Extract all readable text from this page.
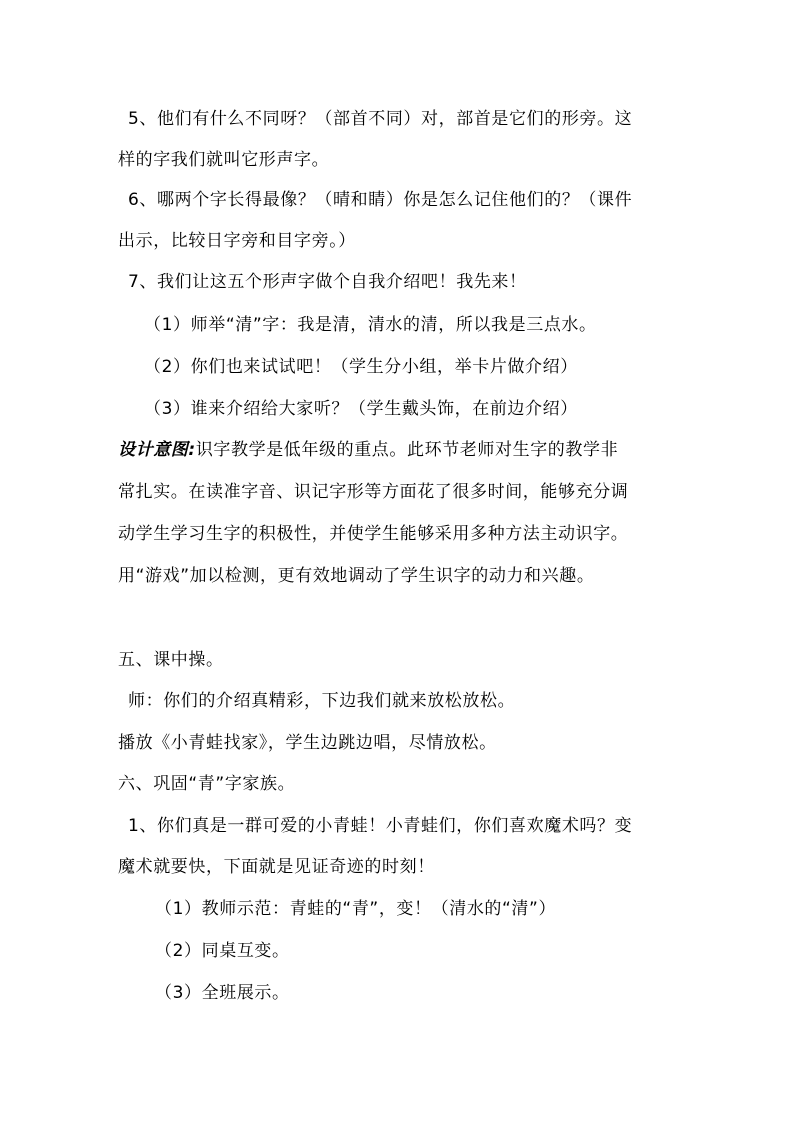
5、他们有什么不同呀？（部首不同）对，部首是它们的形旁。这
样的字我们就叫它形声字。
6、哪两个字长得最像？（晴和睛）你是怎么记住他们的？（课件
出示，比较日字旁和目字旁。）
7、我们让这五个形声字做个自我介绍吧！我先来！
（1）师举“清”字：我是清，清水的清，所以我是三点水。
（2）你们也来试试吧！（学生分小组，举卡片做介绍）
（3）谁来介绍给大家听？（学生戴头饰，在前边介绍）
设计意图:识字教学是低年级的重点。此环节老师对生字的教学非
常扎实。在读准字音、识记字形等方面花了很多时间，能够充分调
动学生学习生字的积极性，并使学生能够采用多种方法主动识字。
用“游戏”加以检测，更有效地调动了学生识字的动力和兴趣。
五、课中操。
师：你们的介绍真精彩，下边我们就来放松放松。
播放《小青蛙找家》，学生边跳边唱，尽情放松。
六、巩固“青”字家族。
1、你们真是一群可爱的小青蛙！小青蛙们，你们喜欢魔术吗？变
魔术就要快，下面就是见证奇迹的时刻！
（1）教师示范：青蛙的“青”，变！（清水的“清”）
（2）同桌互变。
（3）全班展示。
